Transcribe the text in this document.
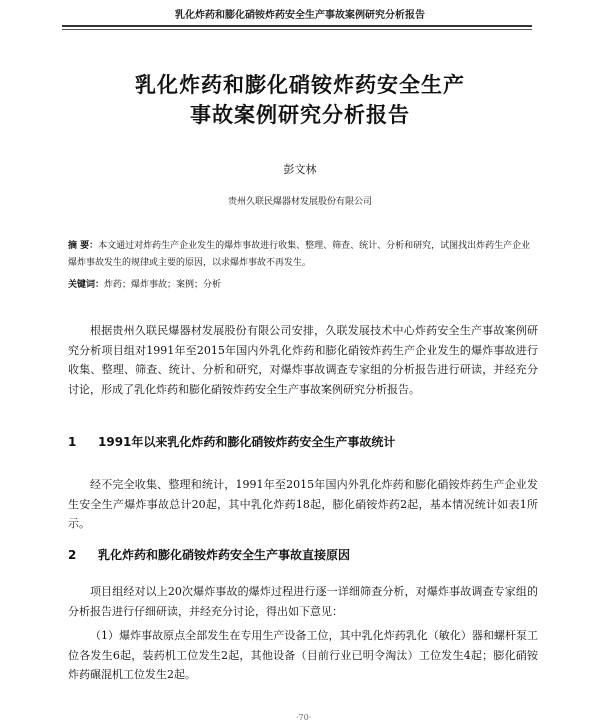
乳化炸药和膨化硝铵炸药安全生产事故案例研究分析报告
乳化炸药和膨化硝铵炸药安全生产
事故案例研究分析报告
彭文林
贵州久联民爆器材发展股份有限公司
摘 要：本文通过对炸药生产企业发生的爆炸事故进行收集、整理、筛查、统计、分析和研究，试图找出炸药生产企业爆炸事故发生的规律或主要的原因，以求爆炸事故不再发生。
关键词：炸药；爆炸事故；案例；分析

根据贵州久联民爆器材发展股份有限公司安排，久联发展技术中心炸药安全生产事故案例研究分析项目组对1991年至2015年国内外乳化炸药和膨化硝铵炸药生产企业发生的爆炸事故进行收集、整理、筛查、统计、分析和研究，对爆炸事故调查专家组的分析报告进行研读，并经充分讨论，形成了乳化炸药和膨化硝铵炸药安全生产事故案例研究分析报告。

1 1991年以来乳化炸药和膨化硝铵炸药安全生产事故统计

经不完全收集、整理和统计，1991年至2015年国内外乳化炸药和膨化硝铵炸药生产企业发生安全生产爆炸事故总计20起，其中乳化炸药18起，膨化硝铵炸药2起，基本情况统计如表1所示。

2 乳化炸药和膨化硝铵炸药安全生产事故直接原因

项目组经对以上20次爆炸事故的爆炸过程进行逐一详细筛查分析，对爆炸事故调查专家组的分析报告进行仔细研读，并经充分讨论，得出如下意见：

（1）爆炸事故原点全部发生在专用生产设备工位，其中乳化炸药乳化（敏化）器和螺杆泵工位各发生6起，装药机工位发生2起，其他设备（目前行业已明令淘汰）工位发生4起；膨化硝铵炸药碾混机工位发生2起。

·70·
